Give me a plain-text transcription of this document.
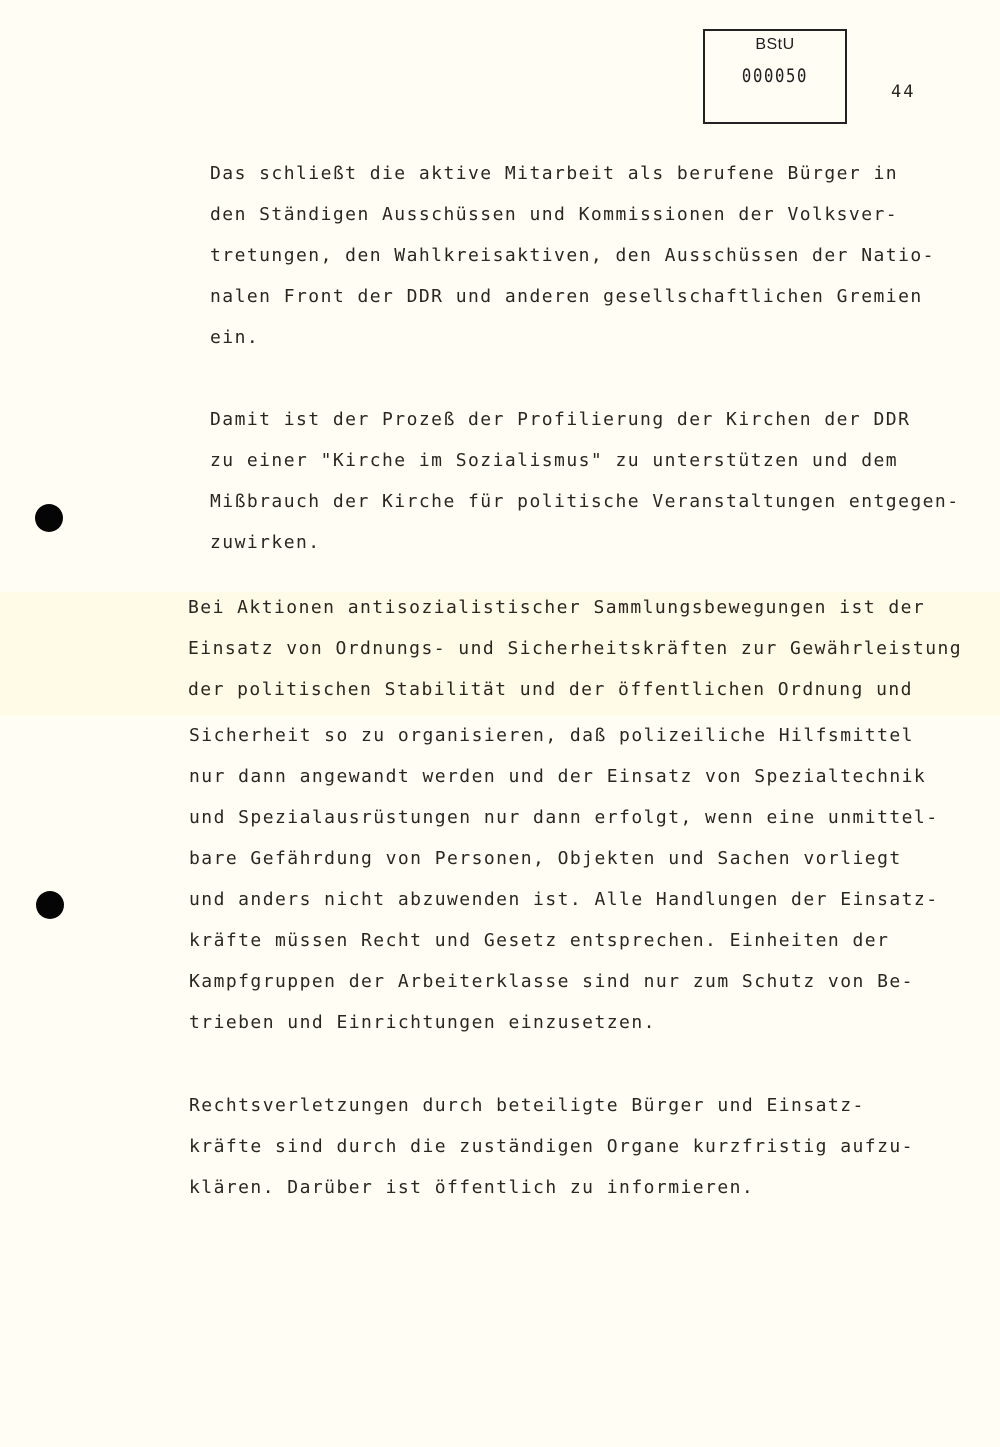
BStU
000050
44
Das schließt die aktive Mitarbeit als berufene Bürger in
den Ständigen Ausschüssen und Kommissionen der Volksver-
tretungen, den Wahlkreisaktiven, den Ausschüssen der Natio-
nalen Front der DDR und anderen gesellschaftlichen Gremien
ein.
Damit ist der Prozeß der Profilierung der Kirchen der DDR
zu einer "Kirche im Sozialismus" zu unterstützen und dem
Mißbrauch der Kirche für politische Veranstaltungen entgegen-
zuwirken.
Bei Aktionen antisozialistischer Sammlungsbewegungen ist der
Einsatz von Ordnungs- und Sicherheitskräften zur Gewährleistung
der politischen Stabilität und der öffentlichen Ordnung und
Sicherheit so zu organisieren, daß polizeiliche Hilfsmittel
nur dann angewandt werden und der Einsatz von Spezialtechnik
und Spezialausrüstungen nur dann erfolgt, wenn eine unmittel-
bare Gefährdung von Personen, Objekten und Sachen vorliegt
und anders nicht abzuwenden ist. Alle Handlungen der Einsatz-
kräfte müssen Recht und Gesetz entsprechen. Einheiten der
Kampfgruppen der Arbeiterklasse sind nur zum Schutz von Be-
trieben und Einrichtungen einzusetzen.
Rechtsverletzungen durch beteiligte Bürger und Einsatz-
kräfte sind durch die zuständigen Organe kurzfristig aufzu-
klären. Darüber ist öffentlich zu informieren.
